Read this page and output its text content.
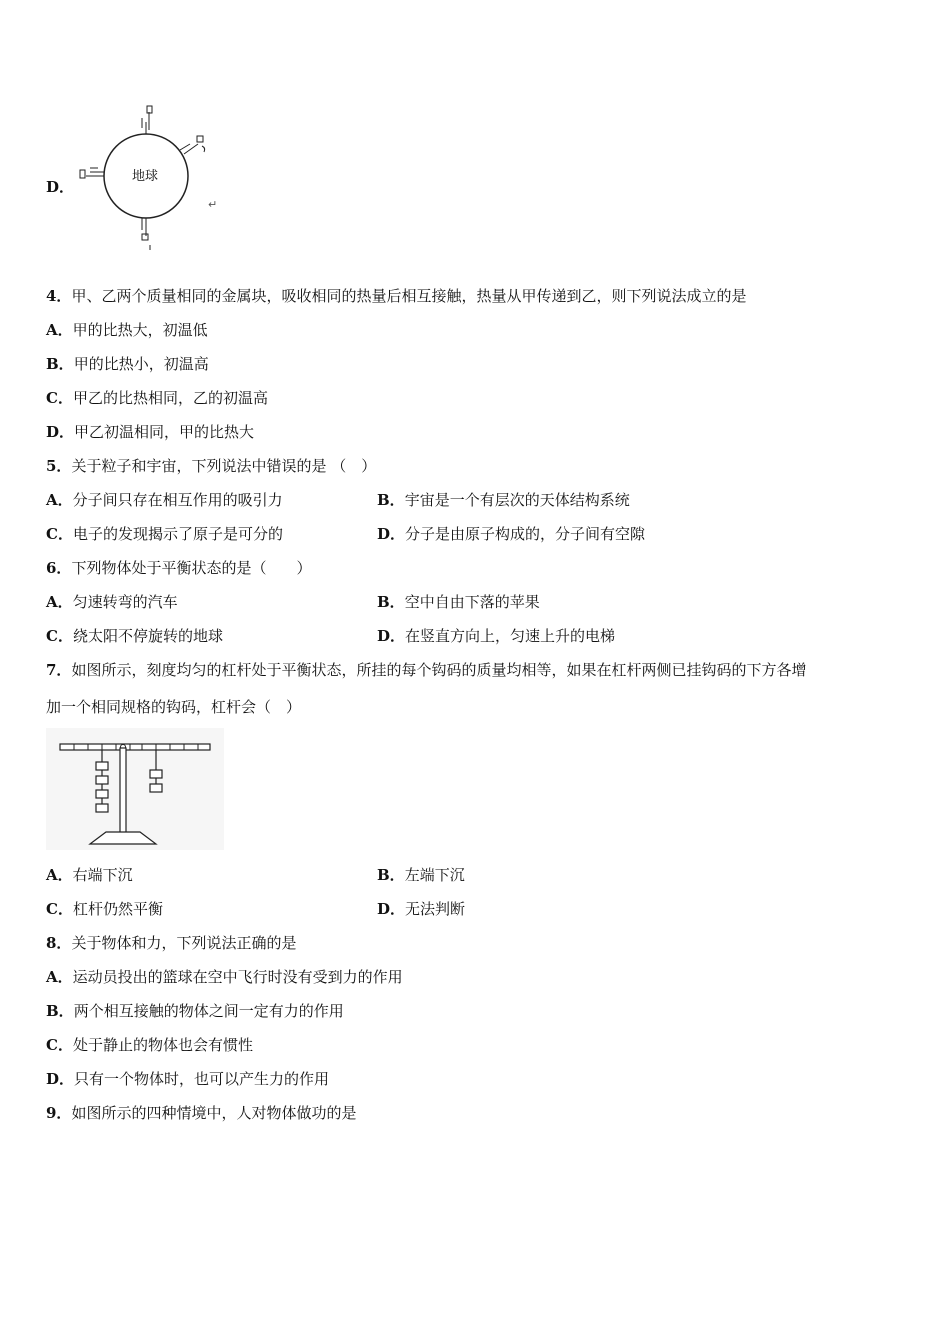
D．
地球
↵
4．甲、乙两个质量相同的金属块，吸收相同的热量后相互接触，热量从甲传递到乙，则下列说法成立的是
A．甲的比热大，初温低
B．甲的比热小，初温高
C．甲乙的比热相同，乙的初温高
D．甲乙初温相同，甲的比热大
5．关于粒子和宇宙，下列说法中错误的是 （　）
A．分子间只存在相互作用的吸引力	B．宇宙是一个有层次的天体结构系统
C．电子的发现揭示了原子是可分的	D．分子是由原子构成的，分子间有空隙
6．下列物体处于平衡状态的是（　　）
A．匀速转弯的汽车	B．空中自由下落的苹果
C．绕太阳不停旋转的地球	D．在竖直方向上，匀速上升的电梯
7．如图所示，刻度均匀的杠杆处于平衡状态，所挂的每个钩码的质量均相等，如果在杠杆两侧已挂钩码的下方各增
加一个相同规格的钩码，杠杆会（　）
A．右端下沉	B．左端下沉
C．杠杆仍然平衡	D．无法判断
8．关于物体和力，下列说法正确的是
A．运动员投出的篮球在空中飞行时没有受到力的作用
B．两个相互接触的物体之间一定有力的作用
C．处于静止的物体也会有惯性
D．只有一个物体时，也可以产生力的作用
9．如图所示的四种情境中，人对物体做功的是
